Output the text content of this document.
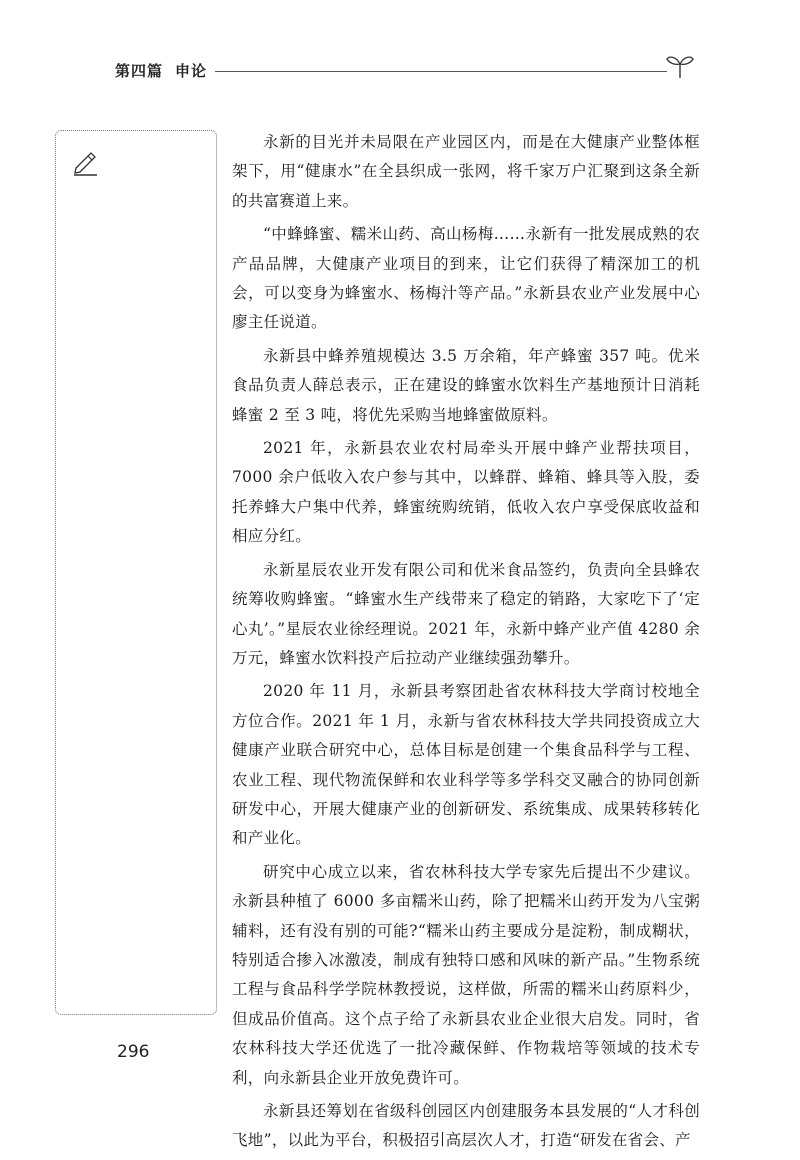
第四篇 申论

永新的目光并未局限在产业园区内，而是在大健康产业整体框架下，用“健康水”在全县织成一张网，将千家万户汇聚到这条全新的共富赛道上来。

“中蜂蜂蜜、糯米山药、高山杨梅……永新有一批发展成熟的农产品品牌，大健康产业项目的到来，让它们获得了精深加工的机会，可以变身为蜂蜜水、杨梅汁等产品。”永新县农业产业发展中心廖主任说道。

永新县中蜂养殖规模达 3.5 万余箱，年产蜂蜜 357 吨。优米食品负责人薛总表示，正在建设的蜂蜜水饮料生产基地预计日消耗蜂蜜 2 至 3 吨，将优先采购当地蜂蜜做原料。

2021 年，永新县农业农村局牵头开展中蜂产业帮扶项目，7000 余户低收入农户参与其中，以蜂群、蜂箱、蜂具等入股，委托养蜂大户集中代养，蜂蜜统购统销，低收入农户享受保底收益和相应分红。

永新星辰农业开发有限公司和优米食品签约，负责向全县蜂农统筹收购蜂蜜。“蜂蜜水生产线带来了稳定的销路，大家吃下了‘定心丸’。”星辰农业徐经理说。2021 年，永新中蜂产业产值 4280 余万元，蜂蜜水饮料投产后拉动产业继续强劲攀升。

2020 年 11 月，永新县考察团赴省农林科技大学商讨校地全方位合作。2021 年 1 月，永新与省农林科技大学共同投资成立大健康产业联合研究中心，总体目标是创建一个集食品科学与工程、农业工程、现代物流保鲜和农业科学等多学科交叉融合的协同创新研发中心，开展大健康产业的创新研发、系统集成、成果转移转化和产业化。

研究中心成立以来，省农林科技大学专家先后提出不少建议。永新县种植了 6000 多亩糯米山药，除了把糯米山药开发为八宝粥辅料，还有没有别的可能?“糯米山药主要成分是淀粉，制成糊状，特别适合掺入冰激凌，制成有独特口感和风味的新产品。”生物系统工程与食品科学学院林教授说，这样做，所需的糯米山药原料少，但成品价值高。这个点子给了永新县农业企业很大启发。同时，省农林科技大学还优选了一批冷藏保鲜、作物栽培等领域的技术专利，向永新县企业开放免费许可。

永新县还筹划在省级科创园区内创建服务本县发展的“人才科创飞地”，以此为平台，积极招引高层次人才，打造“研发在省会、产

296
